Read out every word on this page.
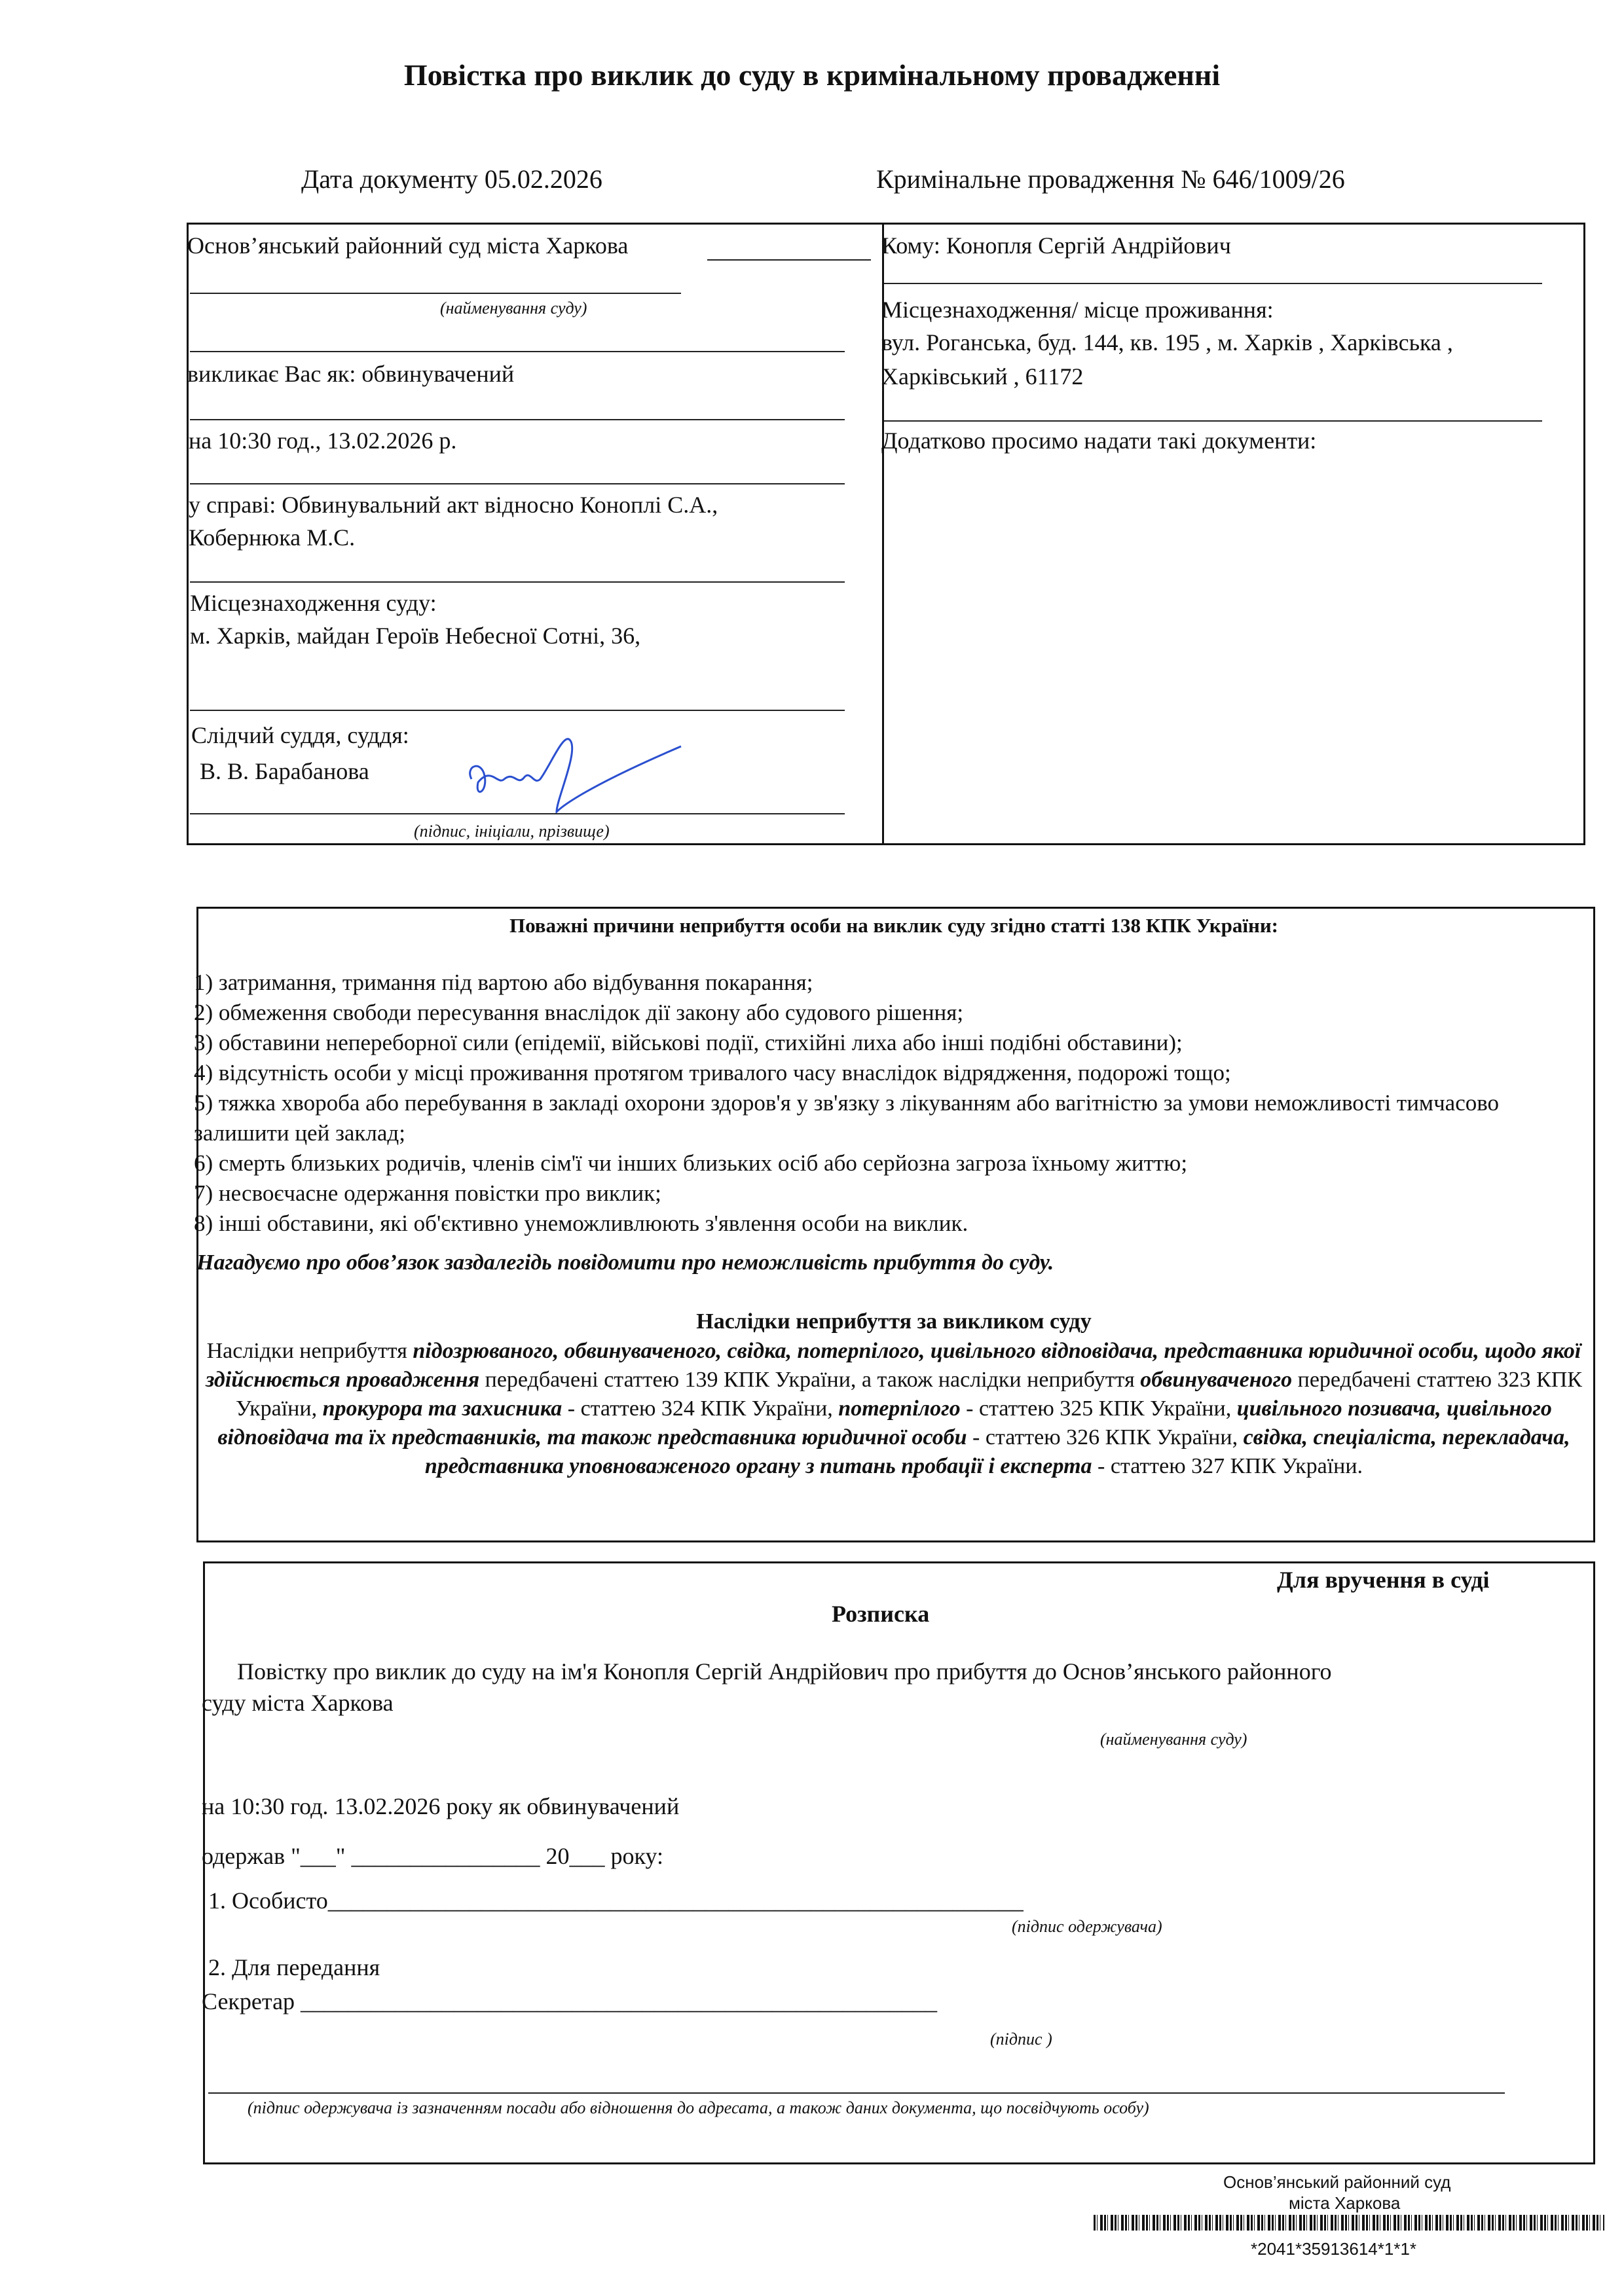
Повістка про виклик до суду в кримінальному провадженні
Дата документу 05.02.2026	Кримінальне провадження № 646/1009/26
Основ’янський районний суд міста Харкова
(найменування суду)
викликає Вас як: обвинувачений
на 10:30 год., 13.02.2026 р.
у справі: Обвинувальний акт відносно Коноплі С.А.,
Кобернюка М.С.
Місцезнаходження суду:
м. Харків, майдан Героїв Небесної Сотні, 36,
Слідчий суддя, суддя:
В. В. Барабанова
(підпис, ініціали, прізвище)
Кому: Конопля Сергій Андрійович
Місцезнаходження/ місце проживання:
вул. Роганська, буд. 144, кв. 195 , м. Харків , Харківська ,
Харківський , 61172
Додатково просимо надати такі документи:
Поважні причини неприбуття особи на виклик суду згідно статті 138 КПК України:
1) затримання, тримання під вартою або відбування покарання;
2) обмеження свободи пересування внаслідок дії закону або судового рішення;
3) обставини непереборної сили (епідемії, військові події, стихійні лиха або інші подібні обставини);
4) відсутність особи у місці проживання протягом тривалого часу внаслідок відрядження, подорожі тощо;
5) тяжка хвороба або перебування в закладі охорони здоров'я у зв'язку з лікуванням або вагітністю за умови неможливості тимчасово залишити цей заклад;
6) смерть близьких родичів, членів сім'ї чи інших близьких осіб або серйозна загроза їхньому життю;
7) несвоєчасне одержання повістки про виклик;
8) інші обставини, які об'єктивно унеможливлюють з'явлення особи на виклик.
Нагадуємо про обов’язок заздалегідь повідомити про неможливість прибуття до суду.
Наслідки неприбуття за викликом суду
Наслідки неприбуття підозрюваного, обвинуваченого, свідка, потерпілого, цивільного відповідача, представника юридичної особи, щодо якої здійснюється провадження передбачені статтею 139 КПК України, а також наслідки неприбуття обвинуваченого передбачені статтею 323 КПК України, прокурора та захисника - статтею 324 КПК України, потерпілого - статтею 325 КПК України, цивільного позивача, цивільного відповідача та їх представників, та також представника юридичної особи - статтею 326 КПК України, свідка, спеціаліста, перекладача, представника уповноваженого органу з питань пробації і експерта - статтею 327 КПК України.
Для вручення в суді
Розписка
Повістку про виклик до суду на ім'я Конопля Сергій Андрійович про прибуття до Основ’янського районного
суду міста Харкова
(найменування суду)
на 10:30 год. 13.02.2026 року як обвинувачений
одержав "___" ________________ 20___ року:
1. Особисто___________________________________________________________
(підпис одержувача)
2. Для передання
Секретар ______________________________________________________
(підпис )
(підпис одержувача із зазначенням посади або відношення до адресата, а також даних документа, що посвідчують особу)
Основ’янський районний суд
міста Харкова
*2041*35913614*1*1*
